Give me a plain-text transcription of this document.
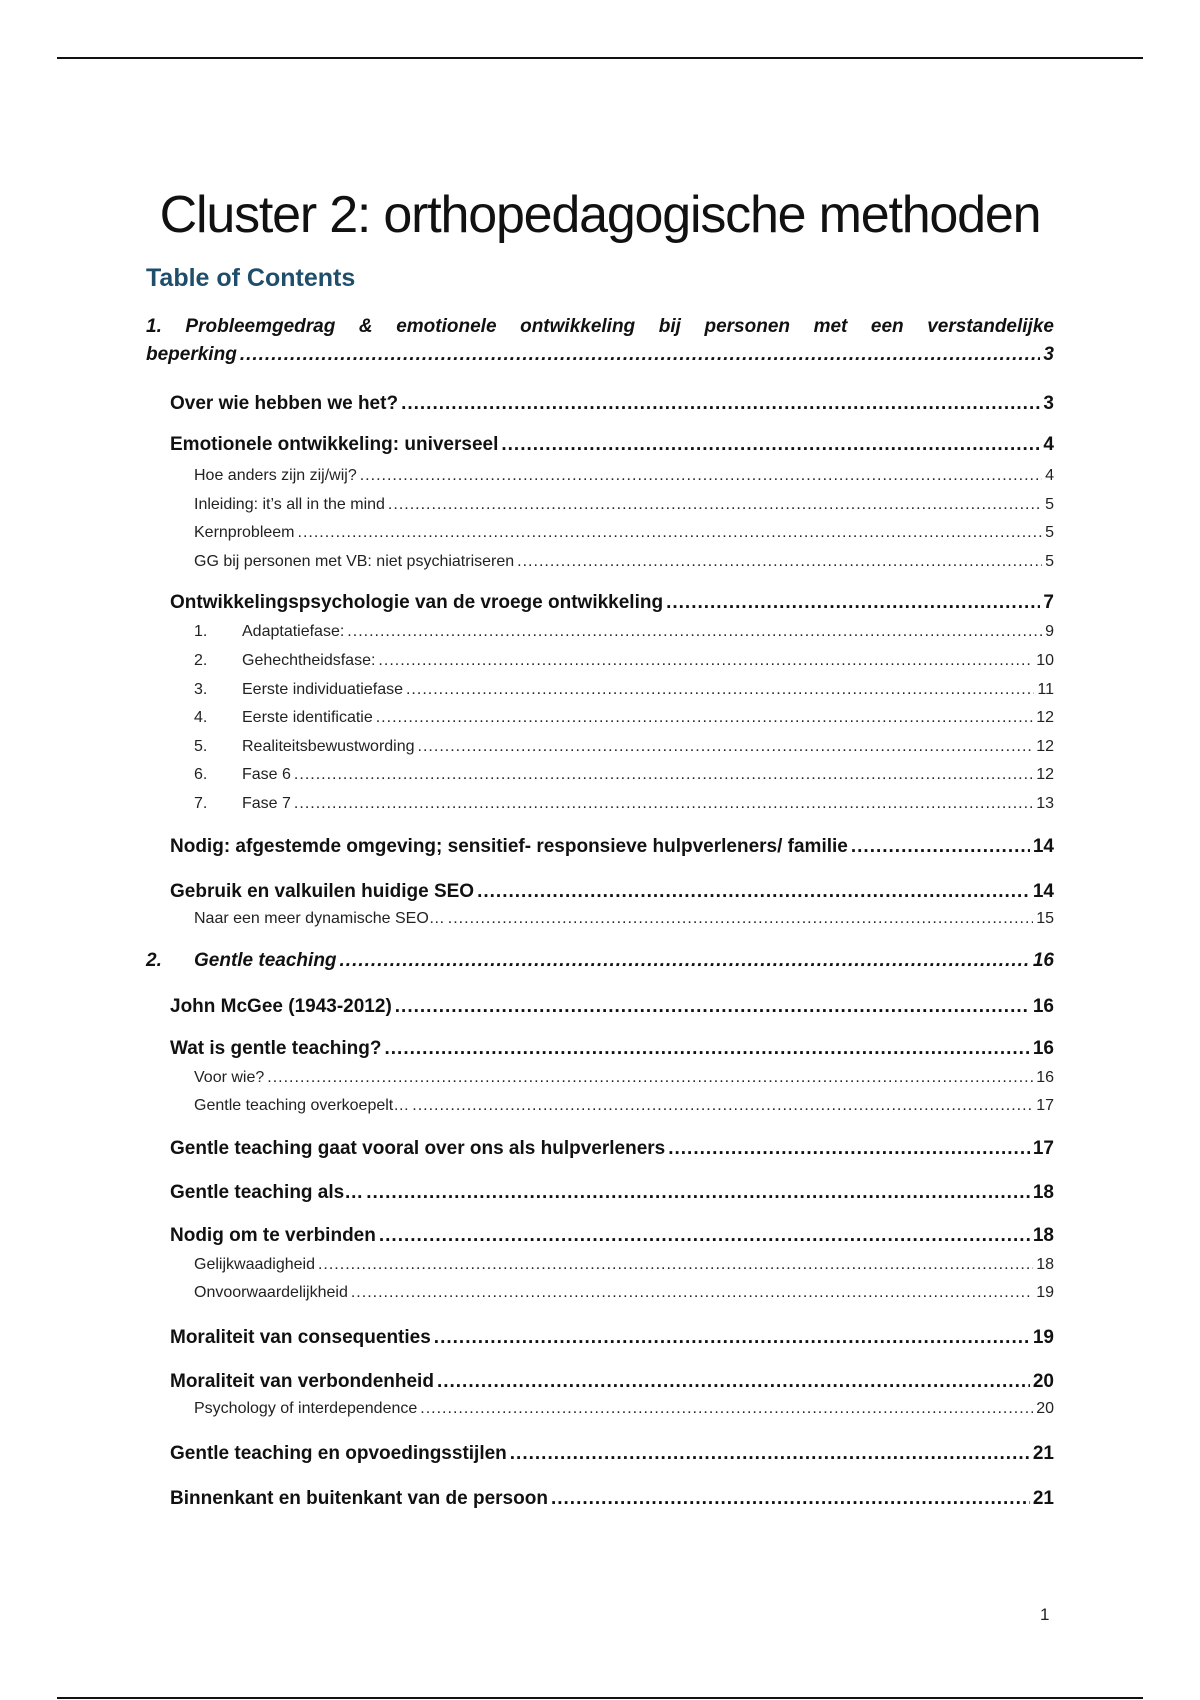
Cluster 2: orthopedagogische methoden
Table of Contents
1. Probleemgedrag & emotionele ontwikkeling bij personen met een verstandelijke
beperking .....	3
Over wie hebben we het? .....	3
Emotionele ontwikkeling: universeel .....	4
Hoe anders zijn zij/wij? .....	4
Inleiding: it’s all in the mind .....	5
Kernprobleem .....	5
GG bij personen met VB: niet psychiatriseren .....	5
Ontwikkelingspsychologie van de vroege ontwikkeling .....	7
1. Adaptatiefase: .....	9
2. Gehechtheidsfase: .....	10
3. Eerste individuatiefase .....	11
4. Eerste identificatie .....	12
5. Realiteitsbewustwording .....	12
6. Fase 6 .....	12
7. Fase 7 .....	13
Nodig: afgestemde omgeving; sensitief- responsieve hulpverleners/ familie .....	14
Gebruik en valkuilen huidige SEO .....	14
Naar een meer dynamische SEO… .....	15
2. Gentle teaching .....	16
John McGee (1943-2012) .....	16
Wat is gentle teaching? .....	16
Voor wie? .....	16
Gentle teaching overkoepelt… .....	17
Gentle teaching gaat vooral over ons als hulpverleners .....	17
Gentle teaching als… .....	18
Nodig om te verbinden .....	18
Gelijkwaadigheid .....	18
Onvoorwaardelijkheid .....	19
Moraliteit van consequenties .....	19
Moraliteit van verbondenheid .....	20
Psychology of interdependence .....	20
Gentle teaching en opvoedingsstijlen .....	21
Binnenkant en buitenkant van de persoon .....	21
1
